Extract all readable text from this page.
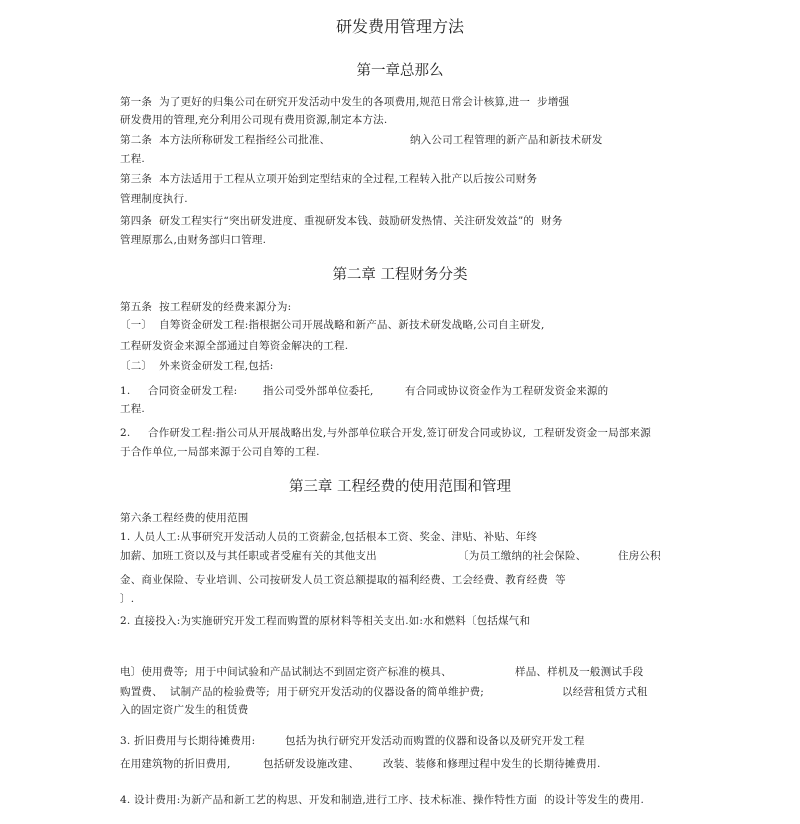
研发费用管理方法
第一章总那么
第一条  为了更好的归集公司在研究开发活动中发生的各项费用,规范日常会计核算,进一  步增强
研发费用的管理,充分利用公司现有费用资源,制定本方法.
第二条  本方法所称研发工程指经公司批准、	纳入公司工程管理的新产品和新技术研发
工程.
第三条  本方法适用于工程从立项开始到定型结束的全过程,工程转入批产以后按公司财务
管理制度执行.
第四条  研发工程实行“突出研发进度、重视研发本钱、鼓励研发热情、关注研发效益”的  财务
管理原那么,由财务部归口管理.
第二章 工程财务分类
第五条  按工程研发的经费来源分为:
〔一〕  自筹资金研发工程:指根据公司开展战略和新产品、新技术研发战略,公司自主研发,
工程研发资金来源全部通过自筹资金解决的工程.
〔二〕  外来资金研发工程,包括:
1. 合同资金研发工程: 指公司受外部单位委托,	有合同或协议资金作为工程研发资金来源的
工程.
2. 合作研发工程:指公司从开展战略出发,与外部单位联合开发,签订研发合同或协议,  工程研发资金一局部来源
于合作单位,一局部来源于公司自筹的工程.
第三章 工程经费的使用范围和管理
第六条工程经费的使用范围
1. 人员人工:从事研究开发活动人员的工资薪金,包括根本工资、奖金、津贴、补贴、年终
加薪、加班工资以及与其任职或者受雇有关的其他支出	〔为员工缴纳的社会保险、	住房公积
金、商业保险、专业培训、公司按研发人员工资总额提取的福利经费、工会经费、教育经费  等
〕.
2. 直接投入:为实施研究开发工程而购置的原材料等相关支出.如:水和燃料〔包括煤气和
电〕使用费等;  用于中间试验和产品试制达不到固定资产标准的模具、	样品、样机及一般测试手段
购置费、  试制产品的检验费等;  用于研究开发活动的仪器设备的简单维护费;	以经营租赁方式租
入的固定资广发生的租赁费
3. 折旧费用与长期待摊费用:	包括为执行研究开发活动而购置的仪器和设备以及研究开发工程
在用建筑物的折旧费用,	包括研发设施改建、 改装、装修和修理过程中发生的长期待摊费用.
4. 设计费用:为新产品和新工艺的构思、开发和制造,进行工序、技术标准、操作特性方面  的设计等发生的费用.
